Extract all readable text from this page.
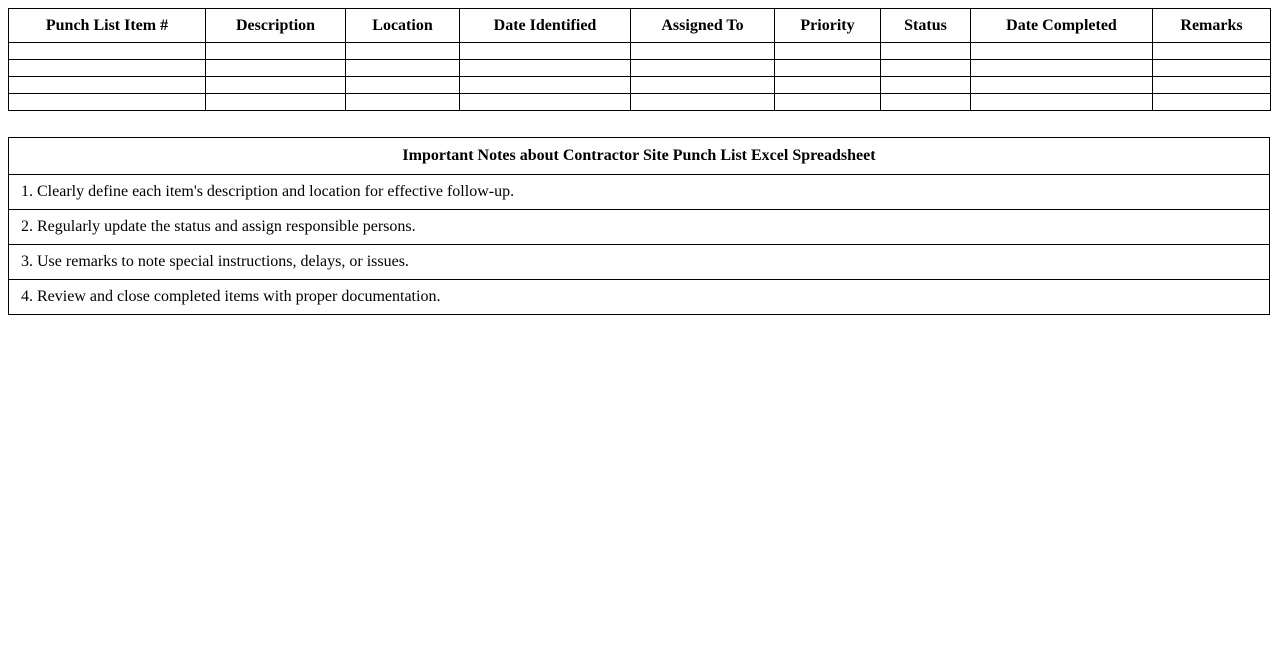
Punch List Item #	Description	Location	Date Identified	Assigned To	Priority	Status	Date Completed	Remarks

Important Notes about Contractor Site Punch List Excel Spreadsheet
1. Clearly define each item's description and location for effective follow-up.
2. Regularly update the status and assign responsible persons.
3. Use remarks to note special instructions, delays, or issues.
4. Review and close completed items with proper documentation.
